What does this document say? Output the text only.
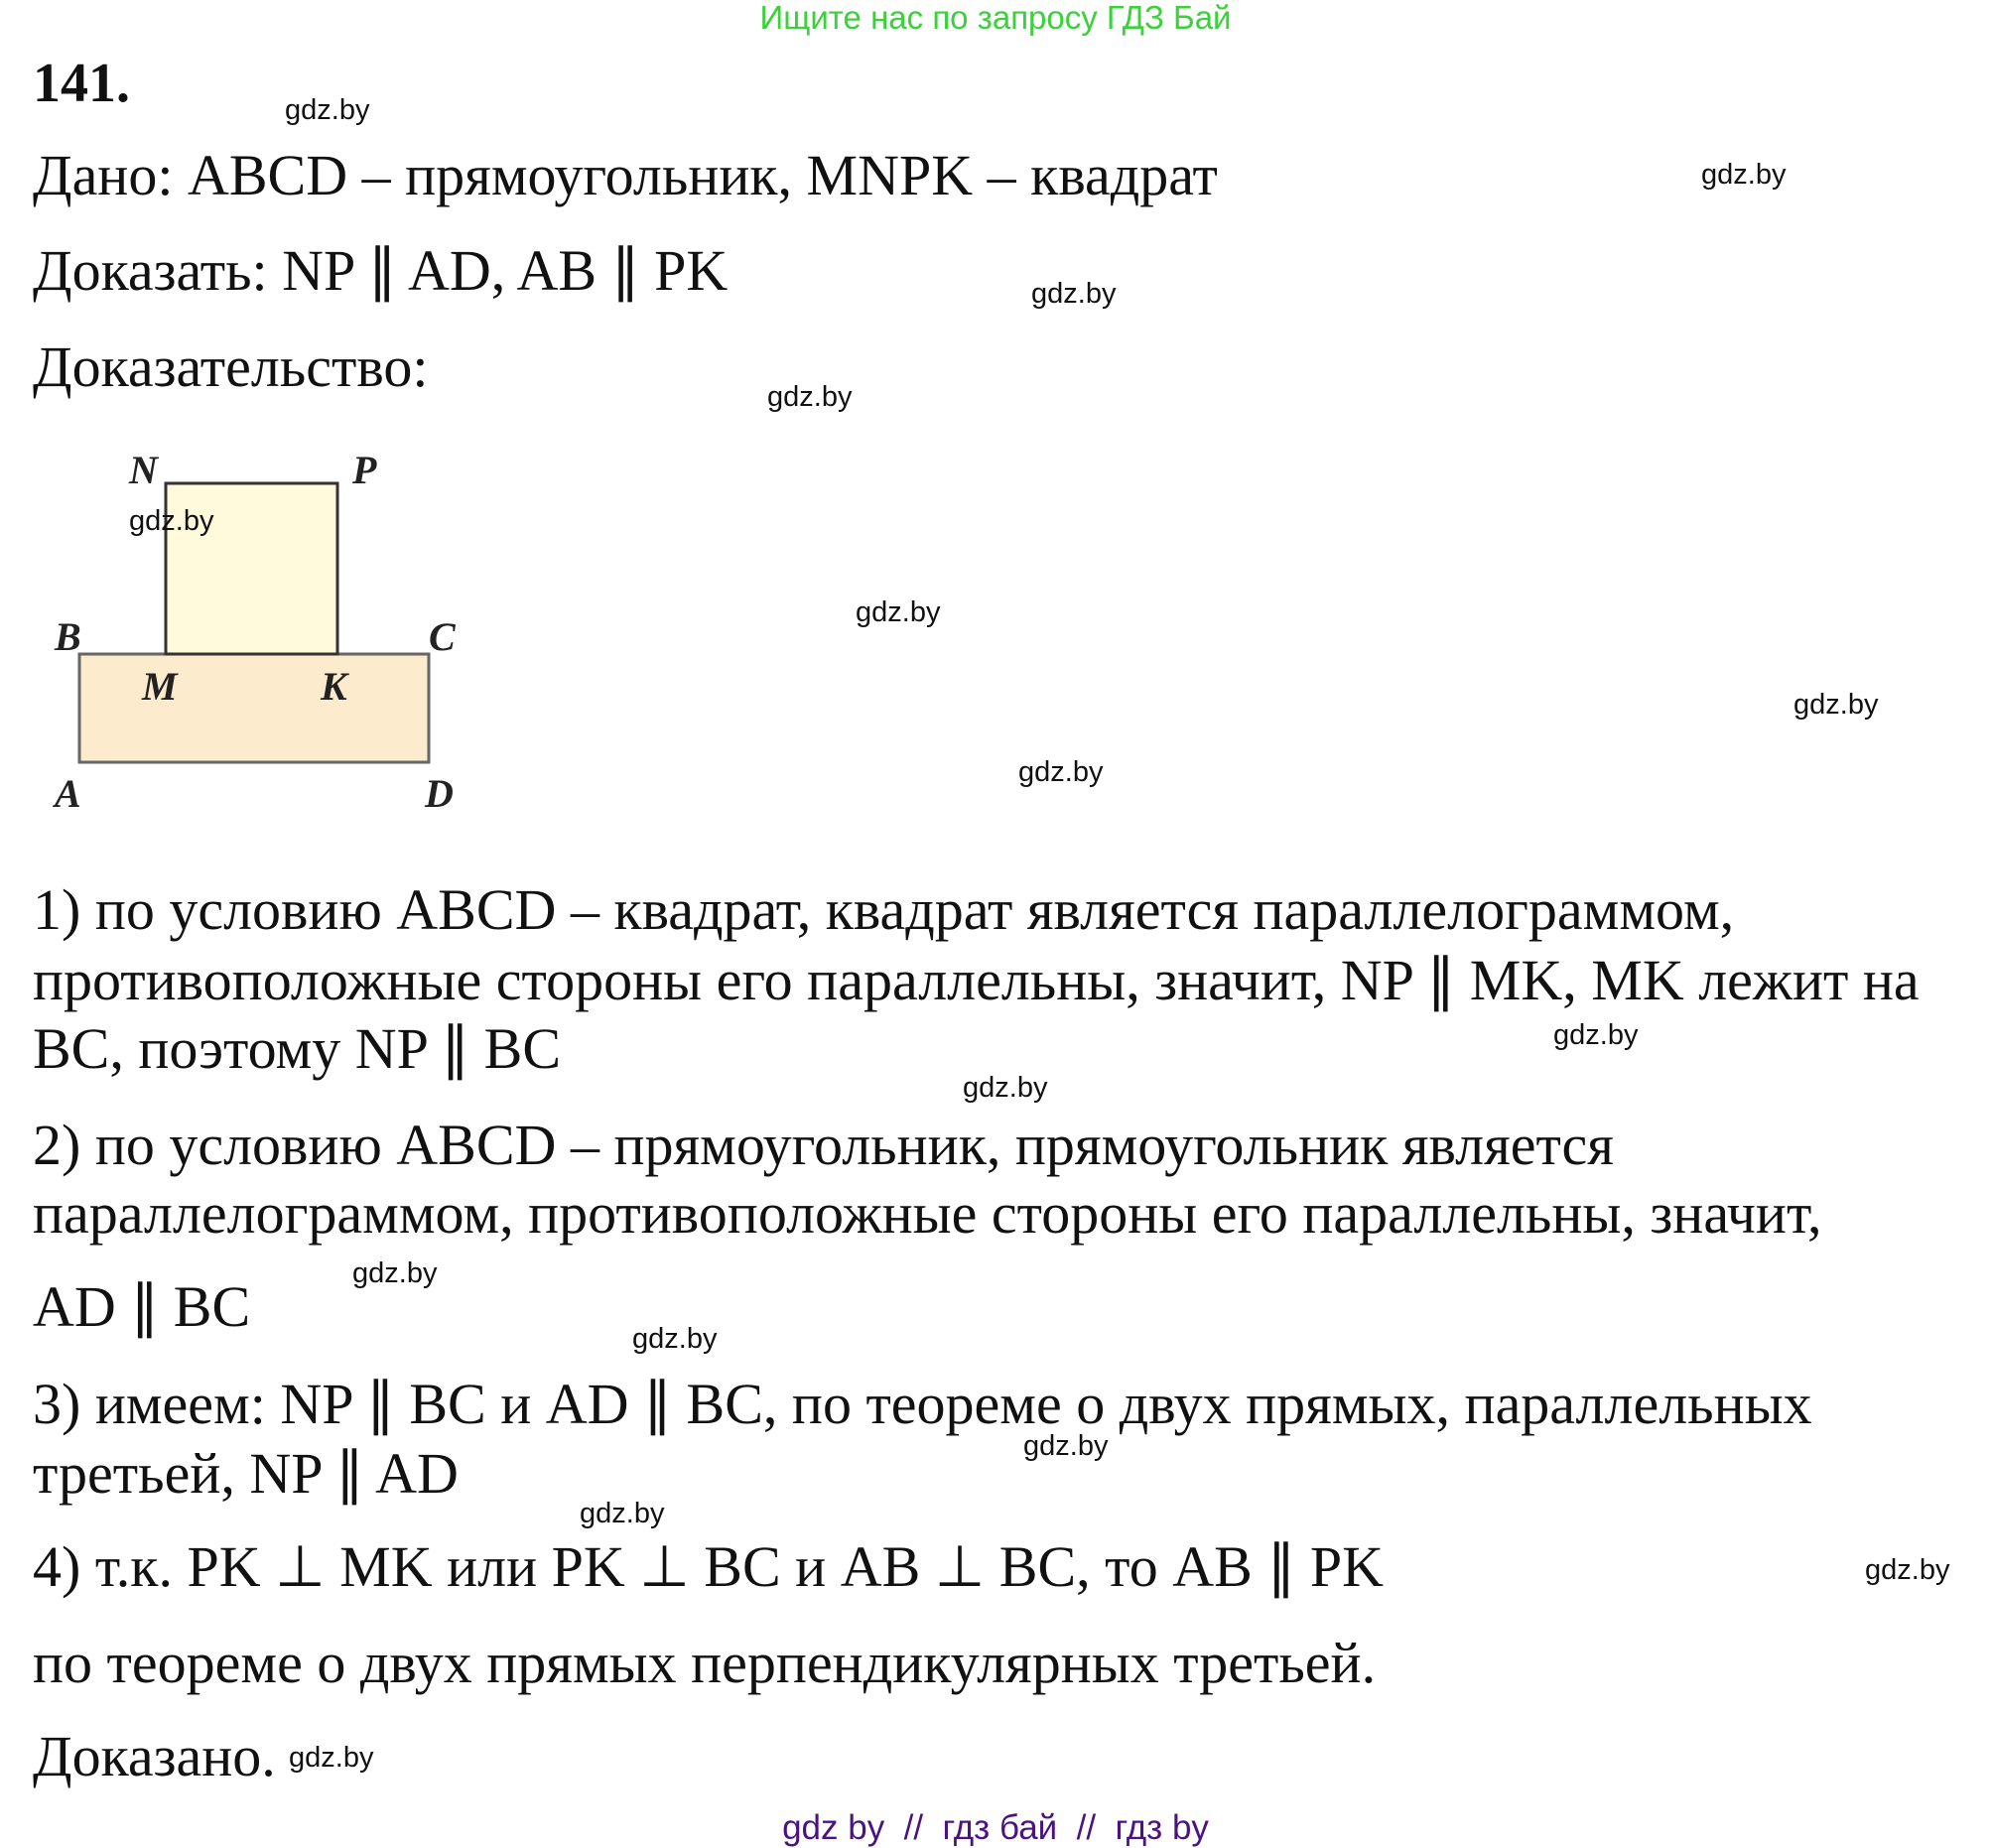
Ищите нас по запросу ГДЗ Бай
141.
Дано: ABCD – прямоугольник, MNPK – квадрат
Доказать: NP ∥ AD, AB ∥ PK
Доказательство:
N	P
B	C
M	K
A	D
1) по условию ABCD – квадрат, квадрат является параллелограммом,
противоположные стороны его параллельны, значит, NP ∥ MK, MK лежит на
BC, поэтому NP ∥ BC
2) по условию ABCD – прямоугольник, прямоугольник является
параллелограммом, противоположные стороны его параллельны, значит,
AD ∥ BC
3) имеем: NP ∥ BC и AD ∥ BC, по теореме о двух прямых, параллельных
третьей, NP ∥ AD
4) т.к. PK ⊥ MK или PK ⊥ BC и AB ⊥ BC, то AB ∥ PK
по теореме о двух прямых перпендикулярных третьей.
Доказано.
gdz.by
gdz.by
gdz.by
gdz.by
gdz.by
gdz.by
gdz.by
gdz.by
gdz.by
gdz.by
gdz.by
gdz.by
gdz.by
gdz.by
gdz.by
gdz.by
gdz by  //  гдз бай  //  гдз by
